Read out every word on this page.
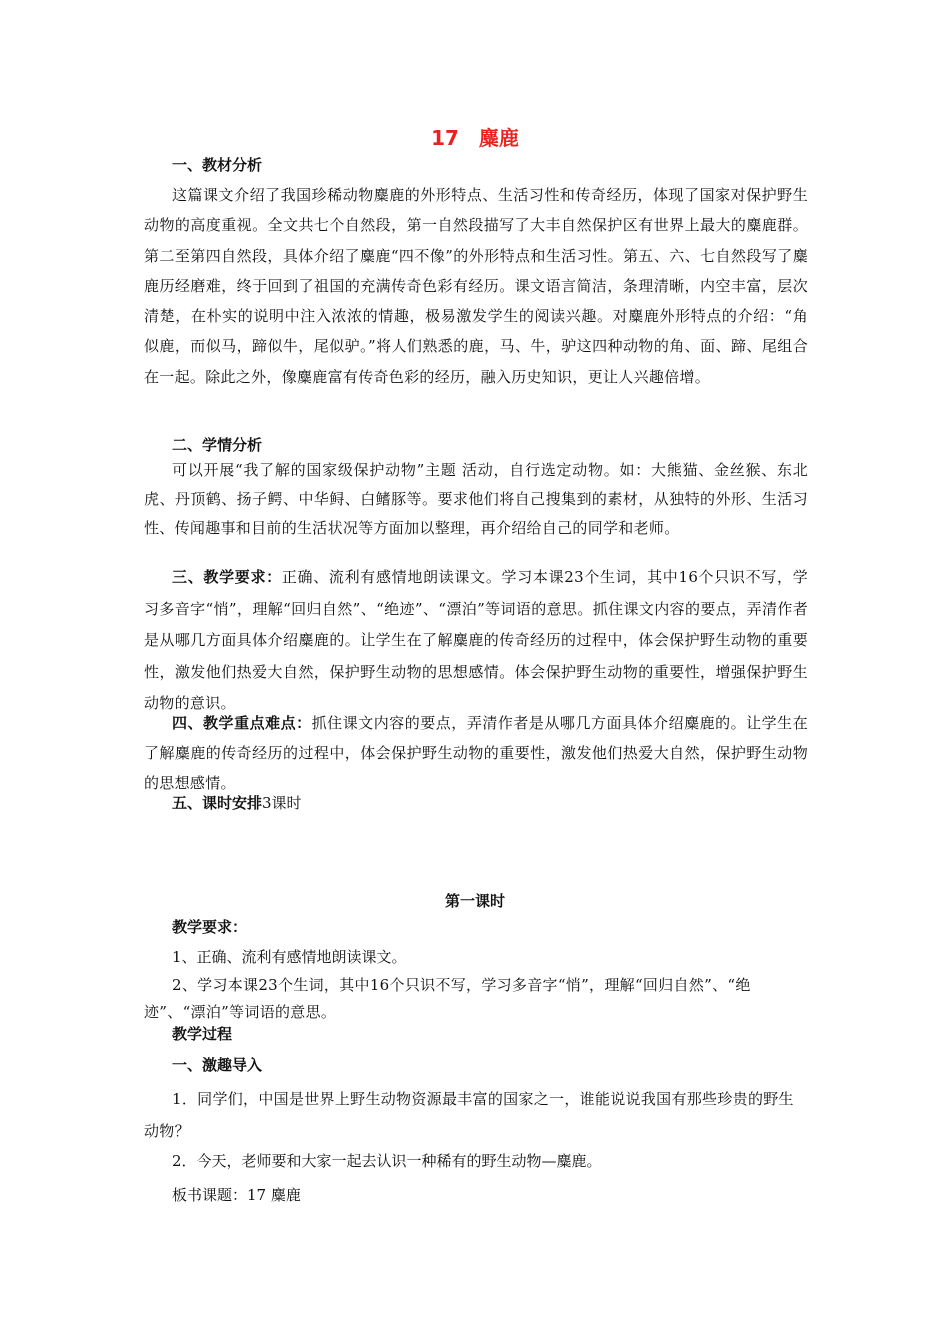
17　麋鹿
一、教材分析
这篇课文介绍了我国珍稀动物麋鹿的外形特点、生活习性和传奇经历，体现了国家对保护野生动物的高度重视。全文共七个自然段，第一自然段描写了大丰自然保护区有世界上最大的麋鹿群。第二至第四自然段，具体介绍了麋鹿“四不像”的外形特点和生活习性。第五、六、七自然段写了麋鹿历经磨难，终于回到了祖国的充满传奇色彩有经历。课文语言简洁，条理清晰，内空丰富，层次清楚，在朴实的说明中注入浓浓的情趣，极易激发学生的阅读兴趣。对麋鹿外形特点的介绍：“角似鹿，而似马，蹄似牛，尾似驴。”将人们熟悉的鹿，马、牛，驴这四种动物的角、面、蹄、尾组合在一起。除此之外，像麋鹿富有传奇色彩的经历，融入历史知识，更让人兴趣倍增。
二、学情分析
可以开展“我了解的国家级保护动物”主题 活动，自行选定动物。如：大熊猫、金丝猴、东北虎、丹顶鹤、扬子鳄、中华鲟、白鳍豚等。要求他们将自己搜集到的素材，从独特的外形、生活习性、传闻趣事和目前的生活状况等方面加以整理，再介绍给自己的同学和老师。
三、教学要求：正确、流利有感情地朗读课文。学习本课23个生词，其中16个只识不写，学习多音字“悄”，理解“回归自然”、“绝迹”、“漂泊”等词语的意思。抓住课文内容的要点，弄清作者是从哪几方面具体介绍麋鹿的。让学生在了解麋鹿的传奇经历的过程中，体会保护野生动物的重要性，激发他们热爱大自然，保护野生动物的思想感情。体会保护野生动物的重要性，增强保护野生动物的意识。
四、教学重点难点：抓住课文内容的要点，弄清作者是从哪几方面具体介绍麋鹿的。让学生在了解麋鹿的传奇经历的过程中，体会保护野生动物的重要性，激发他们热爱大自然，保护野生动物的思想感情。
五、课时安排3课时
第一课时
教学要求：
1、正确、流利有感情地朗读课文。
2、学习本课23个生词，其中16个只识不写，学习多音字“悄”，理解“回归自然”、“绝迹”、“漂泊”等词语的意思。
教学过程
一、激趣导入
1．同学们，中国是世界上野生动物资源最丰富的国家之一，谁能说说我国有那些珍贵的野生动物？
2．今天，老师要和大家一起去认识一种稀有的野生动物—麋鹿。
板书课题：17 麋鹿
